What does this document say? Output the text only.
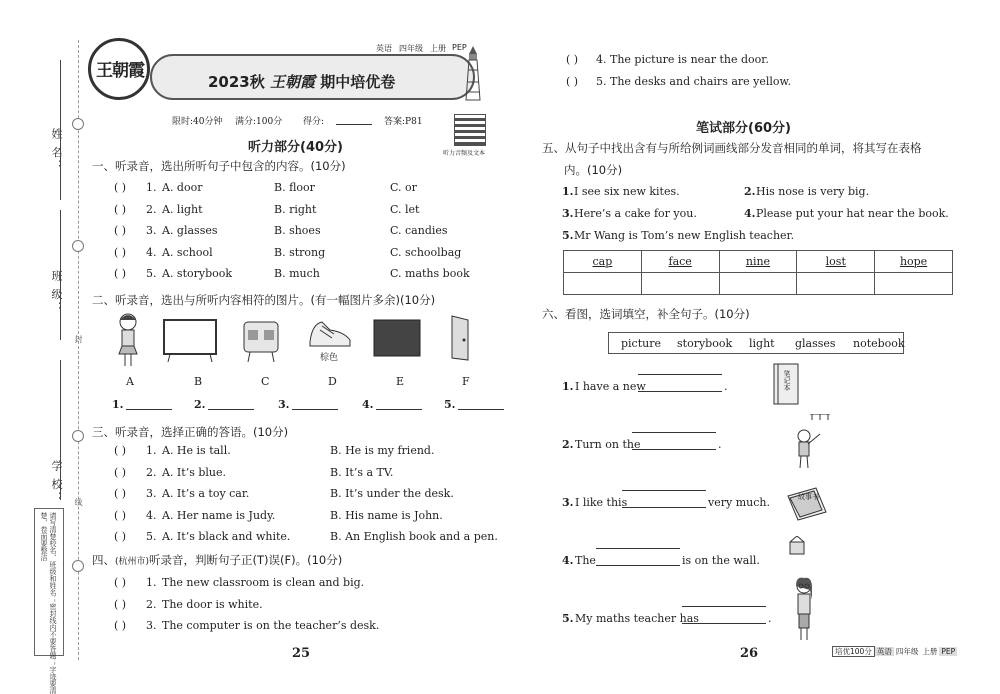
姓 名：
班 级：
学 校：
封
线
请写清楚校名、班级和姓名；密封线内不要答题；字迹要清楚，卷面要整洁
王朝霞
2023秋 王朝霞 期中培优卷
英语 四年级 上册 PEP
限时:40分钟 满分:100分 得分:	答案:P81
听力音频及文本
听力部分(40分)
一、听录音，选出所听句子中包含的内容。(10分)
( ) 1. A. door	B. floor	C. or
( ) 2. A. light	B. right	C. let
( ) 3. A. glasses	B. shoes	C. candies
( ) 4. A. school	B. strong	C. schoolbag
( ) 5. A. storybook	B. much	C. maths book
二、听录音，选出与所听内容相符的图片。(有一幅图片多余)(10分)
棕色
A	B	C	D	E	F
1.	2.	3.	4.	5.
三、听录音，选择正确的答语。(10分)
( ) 1. A. He is tall.	B. He is my friend.
( ) 2. A. It’s blue.	B. It’s a TV.
( ) 3. A. It’s a toy car.	B. It’s under the desk.
( ) 4. A. Her name is Judy.	B. His name is John.
( ) 5. A. It’s black and white.	B. An English book and a pen.
四、(杭州市)听录音，判断句子正(T)误(F)。(10分)
( ) 1. The new classroom is clean and big.
( ) 2. The door is white.
( ) 3. The computer is on the teacher’s desk.
25
( ) 4. The picture is near the door.
( ) 5. The desks and chairs are yellow.
笔试部分(60分)
五、从句子中找出含有与所给例词画线部分发音相同的单词，将其写在表格
内。(10分)
1. I see six new kites.	2. His nose is very big.
3. Here’s a cake for you.	4. Please put your hat near the book.
5. Mr Wang is Tom’s new English teacher.
cap	face	nine	lost	hope

六、看图，选词填空，补全句子。(10分)
picture storybook light glasses notebook
1. I have a new	.
2. Turn on the	.
3. I like this	very much.
4. The	is on the wall.
5. My maths teacher has	.
笔记本
故事书
26	培优100分 英语 四年级 上册 PEP
